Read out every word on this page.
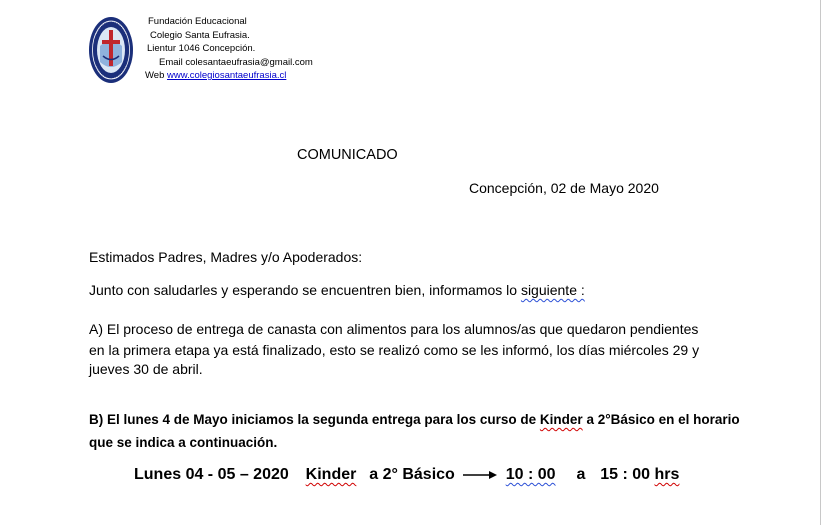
Fundación Educacional
Colegio Santa Eufrasia.
Lientur 1046 Concepción.
Email colesantaeufrasia@gmail.com
Web www.colegiosantaeufrasia.cl
COMUNICADO
Concepción, 02 de Mayo 2020
Estimados Padres, Madres y/o Apoderados:
Junto con saludarles y esperando se encuentren bien, informamos lo siguiente :
A) El proceso de entrega de canasta con alimentos para los alumnos/as que quedaron pendientes
en la primera etapa ya está finalizado, esto se realizó como se les informó, los días miércoles 29 y
jueves 30 de abril.
B) El lunes 4 de Mayo iniciamos la segunda entrega para los curso de Kinder a 2°Básico en el horario
que se indica a continuación.
Lunes 04 - 05 – 2020 Kinder a 2° Básico	10 : 00 a 15 : 00 hrs
